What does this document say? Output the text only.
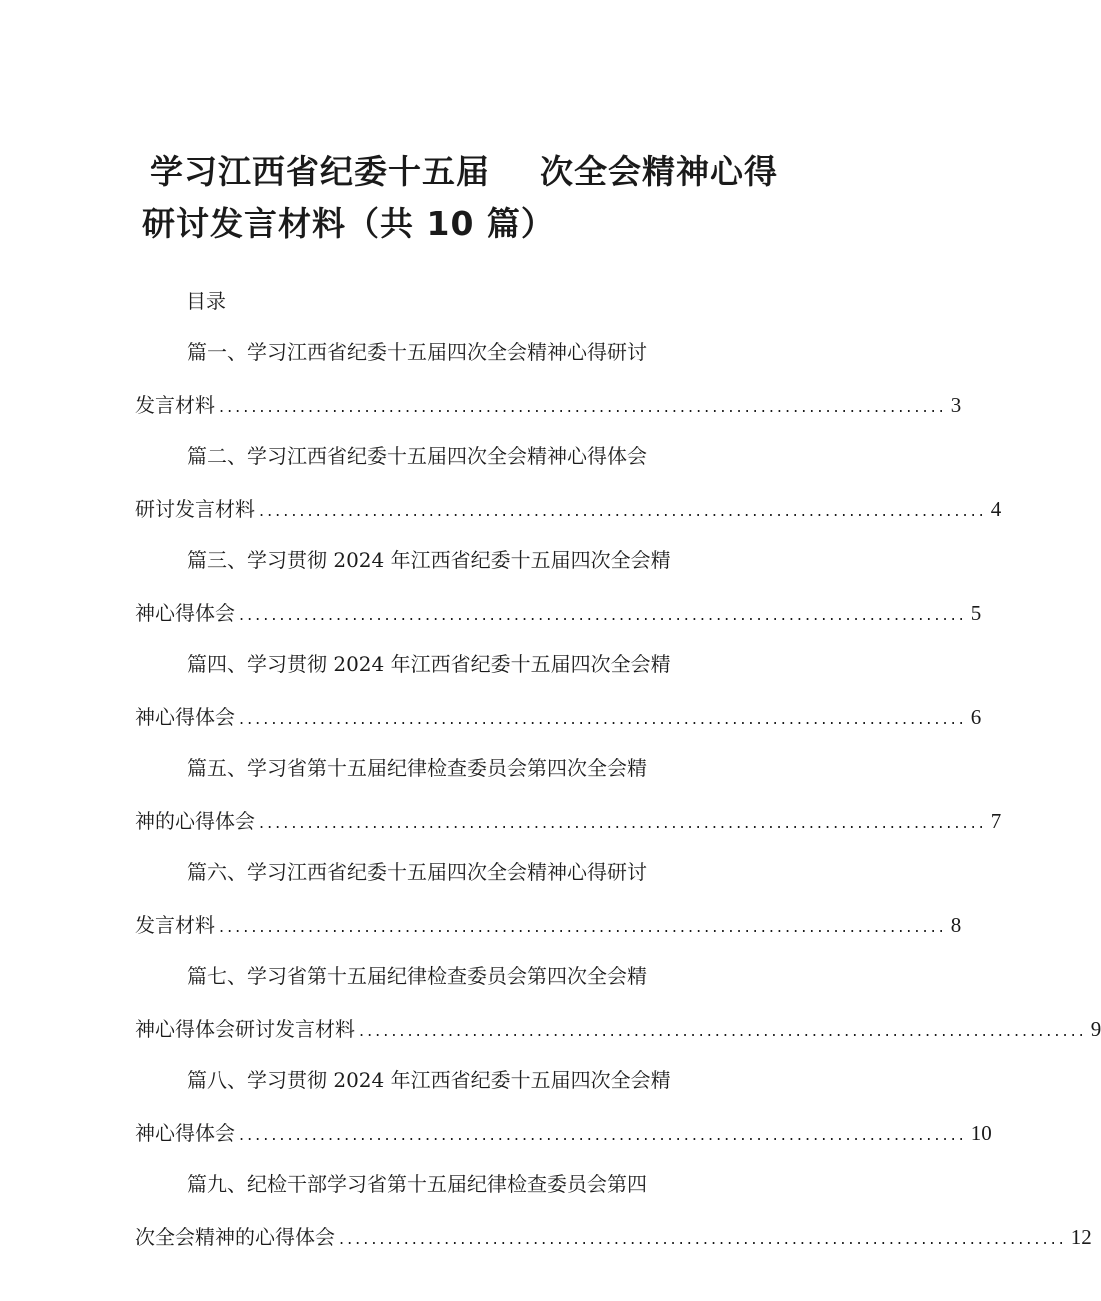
学习江西省纪委十五届 次全会精神心得
研讨发言材料（共 10 篇）
目录
篇一、学习江西省纪委十五届四次全会精神心得研讨
发言材料 .......................................................................................... 3
篇二、学习江西省纪委十五届四次全会精神心得体会
研讨发言材料 .......................................................................................... 4
篇三、学习贯彻 2024 年江西省纪委十五届四次全会精
神心得体会 .......................................................................................... 5
篇四、学习贯彻 2024 年江西省纪委十五届四次全会精
神心得体会 .......................................................................................... 6
篇五、学习省第十五届纪律检查委员会第四次全会精
神的心得体会 .......................................................................................... 7
篇六、学习江西省纪委十五届四次全会精神心得研讨
发言材料 .......................................................................................... 8
篇七、学习省第十五届纪律检查委员会第四次全会精
神心得体会研讨发言材料 .......................................................................................... 9
篇八、学习贯彻 2024 年江西省纪委十五届四次全会精
神心得体会 .......................................................................................... 10
篇九、纪检干部学习省第十五届纪律检查委员会第四
次全会精神的心得体会 .......................................................................................... 12
